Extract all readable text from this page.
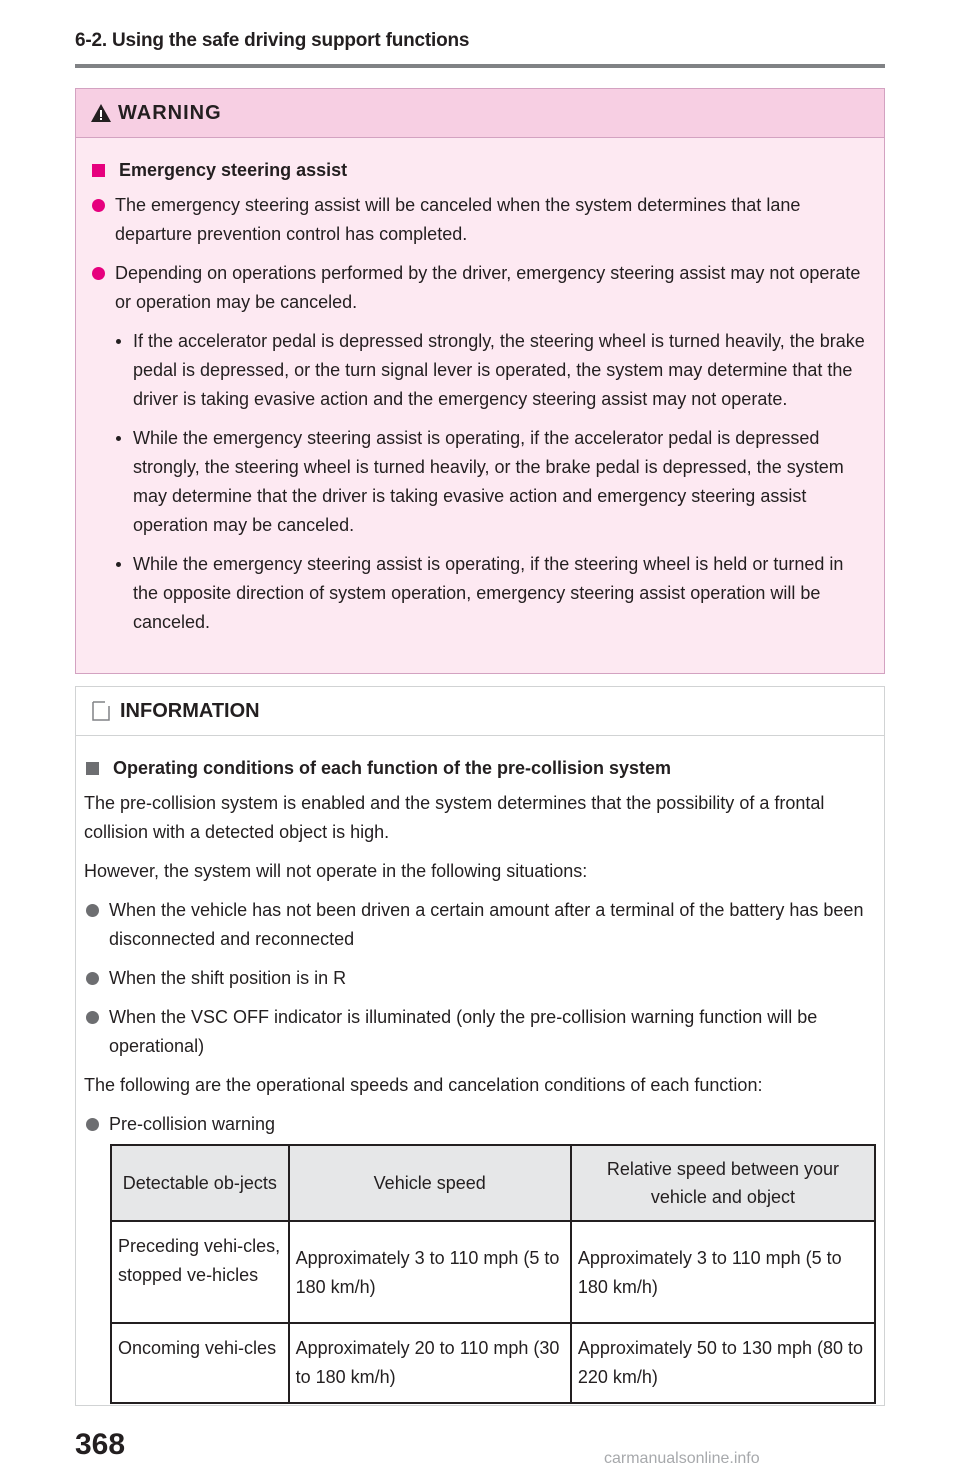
6-2. Using the safe driving support functions
WARNING
Emergency steering assist
The emergency steering assist will be canceled when the system determines that lane departure prevention control has completed.
Depending on operations performed by the driver, emergency steering assist may not operate or operation may be canceled.
If the accelerator pedal is depressed strongly, the steering wheel is turned heavily, the brake pedal is depressed, or the turn signal lever is operated, the system may determine that the driver is taking evasive action and the emergency steering assist may not operate.
While the emergency steering assist is operating, if the accelerator pedal is depressed strongly, the steering wheel is turned heavily, or the brake pedal is depressed, the system may determine that the driver is taking evasive action and emergency steering assist operation may be canceled.
While the emergency steering assist is operating, if the steering wheel is held or turned in the opposite direction of system operation, emergency steering assist operation will be canceled.
INFORMATION
Operating conditions of each function of the pre-collision system
The pre-collision system is enabled and the system determines that the possibility of a frontal collision with a detected object is high.
However, the system will not operate in the following situations:
When the vehicle has not been driven a certain amount after a terminal of the battery has been disconnected and reconnected
When the shift position is in R
When the VSC OFF indicator is illuminated (only the pre-collision warning function will be operational)
The following are the operational speeds and cancelation conditions of each function:
Pre-collision warning
Detectable ob-jects	Vehicle speed	Relative speed between your vehicle and object
Preceding vehi-cles, stopped ve-hicles	Approximately 3 to 110 mph (5 to 180 km/h)	Approximately 3 to 110 mph (5 to 180 km/h)
Oncoming vehi-cles	Approximately 20 to 110 mph (30 to 180 km/h)	Approximately 50 to 130 mph (80 to 220 km/h)
368	carmanualsonline.info
